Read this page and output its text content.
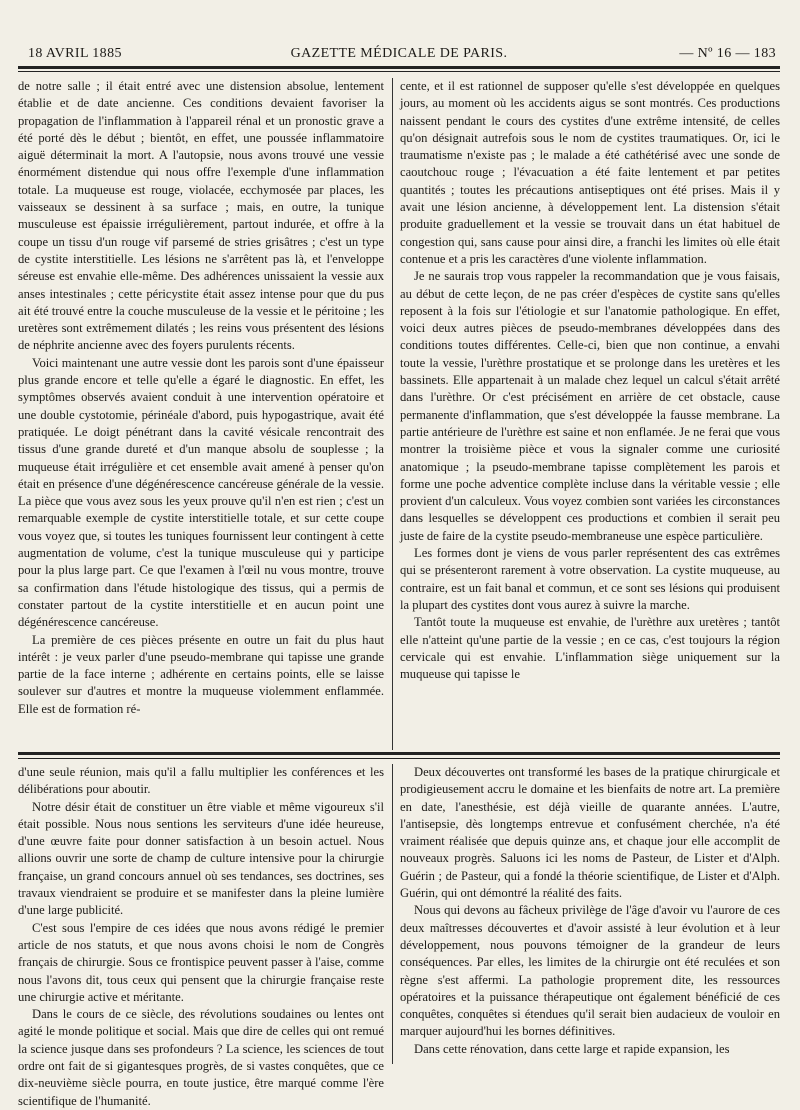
18 AVRIL 1885	GAZETTE MÉDICALE DE PARIS.	— Nº 16 — 183

de notre salle ; il était entré avec une distension absolue, lentement établie et de date ancienne. Ces conditions devaient favoriser la propagation de l'inflammation à l'appareil rénal et un pronostic grave a été porté dès le début ; bientôt, en effet, une poussée inflammatoire aiguë déterminait la mort. A l'autopsie, nous avons trouvé une vessie énormément distendue qui nous offre l'exemple d'une inflammation totale. La muqueuse est rouge, violacée, ecchymosée par places, les vaisseaux se dessinent à sa surface ; mais, en outre, la tunique musculeuse est épaissie irrégulièrement, partout indurée, et offre à la coupe un tissu d'un rouge vif parsemé de stries grisâtres ; c'est un type de cystite interstitielle. Les lésions ne s'arrêtent pas là, et l'enveloppe séreuse est envahie elle-même. Des adhérences unissaient la vessie aux anses intestinales ; cette péricystite était assez intense pour que du pus ait été trouvé entre la couche musculeuse de la vessie et le péritoine ; les uretères sont extrêmement dilatés ; les reins vous présentent des lésions de néphrite ancienne avec des foyers purulents récents.

Voici maintenant une autre vessie dont les parois sont d'une épaisseur plus grande encore et telle qu'elle a égaré le diagnostic. En effet, les symptômes observés avaient conduit à une intervention opératoire et une double cystotomie, périnéale d'abord, puis hypogastrique, avait été pratiquée. Le doigt pénétrant dans la cavité vésicale rencontrait des tissus d'une grande dureté et d'un manque absolu de souplesse ; la muqueuse était irrégulière et cet ensemble avait amené à penser qu'on était en présence d'une dégénérescence cancéreuse générale de la vessie. La pièce que vous avez sous les yeux prouve qu'il n'en est rien ; c'est un remarquable exemple de cystite interstitielle totale, et sur cette coupe vous voyez que, si toutes les tuniques fournissent leur contingent à cette augmentation de volume, c'est la tunique musculeuse qui y participe pour la plus large part. Ce que l'examen à l'œil nu vous montre, trouve sa confirmation dans l'étude histologique des tissus, qui a permis de constater partout de la cystite interstitielle et en aucun point une dégénérescence cancéreuse.

La première de ces pièces présente en outre un fait du plus haut intérêt : je veux parler d'une pseudo-membrane qui tapisse une grande partie de la face interne ; adhérente en certains points, elle se laisse soulever sur d'autres et montre la muqueuse violemment enflammée. Elle est de formation ré-

cente, et il est rationnel de supposer qu'elle s'est développée en quelques jours, au moment où les accidents aigus se sont montrés. Ces productions naissent pendant le cours des cystites d'une extrême intensité, de celles qu'on désignait autrefois sous le nom de cystites traumatiques. Or, ici le traumatisme n'existe pas ; le malade a été cathétérisé avec une sonde de caoutchouc rouge ; l'évacuation a été faite lentement et par petites quantités ; toutes les précautions antiseptiques ont été prises. Mais il y avait une lésion ancienne, à développement lent. La distension s'était produite graduellement et la vessie se trouvait dans un état habituel de congestion qui, sans cause pour ainsi dire, a franchi les limites où elle était contenue et a pris les caractères d'une violente inflammation.

Je ne saurais trop vous rappeler la recommandation que je vous faisais, au début de cette leçon, de ne pas créer d'espèces de cystite sans qu'elles reposent à la fois sur l'étiologie et sur l'anatomie pathologique. En effet, voici deux autres pièces de pseudo-membranes développées dans des conditions toutes différentes. Celle-ci, bien que non continue, a envahi toute la vessie, l'urèthre prostatique et se prolonge dans les uretères et les bassinets. Elle appartenait à un malade chez lequel un calcul s'était arrêté dans l'urèthre. Or c'est précisément en arrière de cet obstacle, cause permanente d'inflammation, que s'est développée la fausse membrane. La partie antérieure de l'urèthre est saine et non enflamée. Je ne ferai que vous montrer la troisième pièce et vous la signaler comme une curiosité anatomique ; la pseudo-membrane tapisse complètement les parois et forme une poche adventice complète incluse dans la véritable vessie ; elle provient d'un calculeux. Vous voyez combien sont variées les circonstances dans lesquelles se développent ces productions et combien il serait peu juste de faire de la cystite pseudo-membraneuse une espèce particulière.

Les formes dont je viens de vous parler représentent des cas extrêmes qui se présenteront rarement à votre observation. La cystite muqueuse, au contraire, est un fait banal et commun, et ce sont ses lésions qui produisent la plupart des cystites dont vous aurez à suivre la marche.

Tantôt toute la muqueuse est envahie, de l'urèthre aux uretères ; tantôt elle n'atteint qu'une partie de la vessie ; en ce cas, c'est toujours la région cervicale qui est envahie. L'inflammation siège uniquement sur la muqueuse qui tapisse le

d'une seule réunion, mais qu'il a fallu multiplier les conférences et les délibérations pour aboutir.

Notre désir était de constituer un être viable et même vigoureux s'il était possible. Nous nous sentions les serviteurs d'une idée heureuse, d'une œuvre faite pour donner satisfaction à un besoin actuel. Nous allions ouvrir une sorte de champ de culture intensive pour la chirurgie française, un grand concours annuel où ses tendances, ses doctrines, ses travaux viendraient se produire et se manifester dans la pleine lumière d'une large publicité.

C'est sous l'empire de ces idées que nous avons rédigé le premier article de nos statuts, et que nous avons choisi le nom de Congrès français de chirurgie. Sous ce frontispice peuvent passer à l'aise, comme nous l'avons dit, tous ceux qui pensent que la chirurgie française reste une chirurgie active et méritante.

Dans le cours de ce siècle, des révolutions soudaines ou lentes ont agité le monde politique et social. Mais que dire de celles qui ont remué la science jusque dans ses profondeurs ? La science, les sciences de tout ordre ont fait de si gigantesques progrès, de si vastes conquêtes, que ce dix-neuvième siècle pourra, en toute justice, être marqué comme l'ère scientifique de l'humanité.

Deux découvertes ont transformé les bases de la pratique chirurgicale et prodigieusement accru le domaine et les bienfaits de notre art. La première en date, l'anesthésie, est déjà vieille de quarante années. L'autre, l'antisepsie, dès longtemps entrevue et confusément cherchée, n'a été vraiment réalisée que depuis quinze ans, et chaque jour elle accomplit de nouveaux progrès. Saluons ici les noms de Pasteur, de Lister et d'Alph. Guérin ; de Pasteur, qui a fondé la théorie scientifique, de Lister et d'Alph. Guérin, qui ont démontré la réalité des faits.

Nous qui devons au fâcheux privilège de l'âge d'avoir vu l'aurore de ces deux maîtresses découvertes et d'avoir assisté à leur évolution et à leur développement, nous pouvons témoigner de la grandeur de leurs conséquences. Par elles, les limites de la chirurgie ont été reculées et son règne s'est affermi. La pathologie proprement dite, les ressources opératoires et la puissance thérapeutique ont également bénéficié de ces conquêtes, conquêtes si étendues qu'il serait bien audacieux de vouloir en marquer aujourd'hui les bornes définitives.

Dans cette rénovation, dans cette large et rapide expansion, les
